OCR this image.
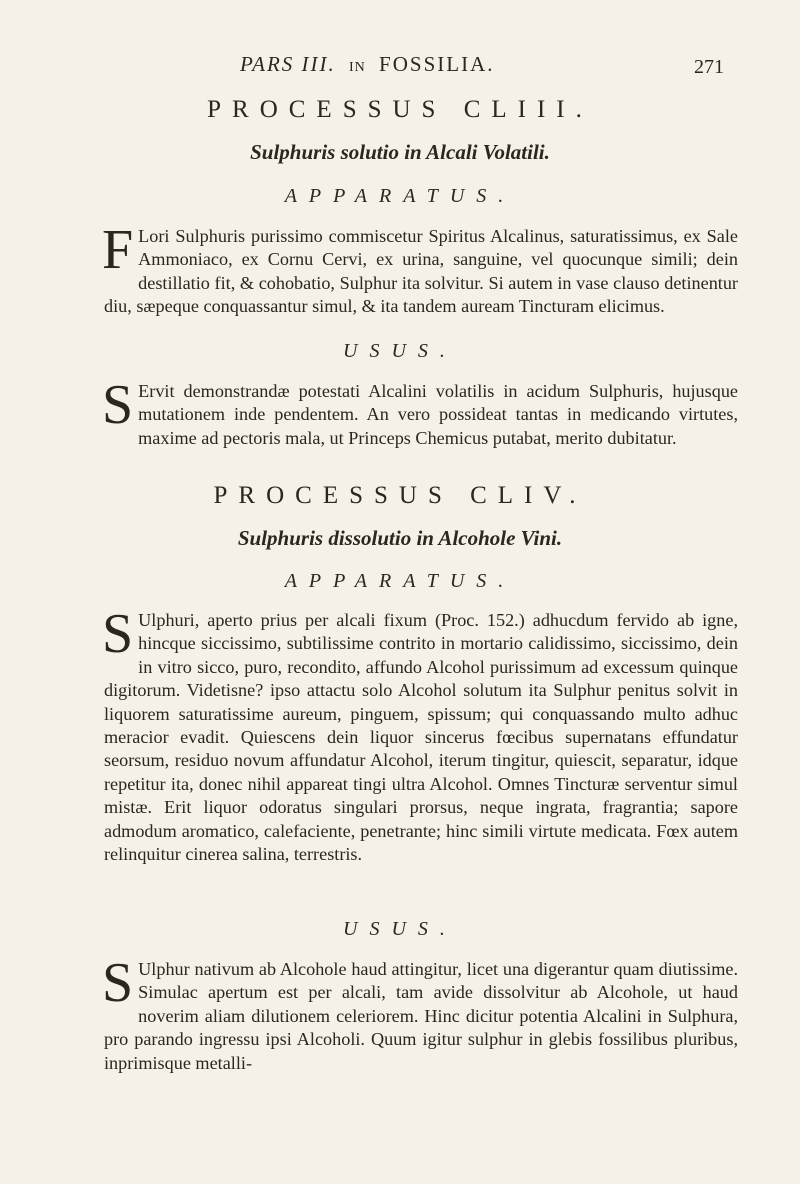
PARS III. IN FOSSILIA.	271
PROCESSUS CLIII.
Sulphuris solutio in Alcali Volatili.
APPARATUS.
F Lori Sulphuris purissimo commiscetur Spiritus Alcalinus, saturatissimus, ex Sale Ammoniaco, ex Cornu Cervi, ex urina, sanguine, vel quocunque simili; dein destillatio fit, & cohobatio, Sulphur ita solvitur. Si autem in vase clauso detinentur diu, sæpeque conquassantur simul, & ita tandem auream Tincturam elicimus.
USUS.
S Ervit demonstrandæ potestati Alcalini volatilis in acidum Sulphuris, hujusque mutationem inde pendentem. An vero possideat tantas in medicando virtutes, maxime ad pectoris mala, ut Princeps Chemicus putabat, merito dubitatur.
PROCESSUS CLIV.
Sulphuris dissolutio in Alcohole Vini.
APPARATUS.
S Ulphuri, aperto prius per alcali fixum (Proc. 152.) adhucdum fervido ab igne, hincque siccissimo, subtilissime contrito in mortario calidissimo, siccissimo, dein in vitro sicco, puro, recondito, affundo Alcohol purissimum ad excessum quinque digitorum. Videtisne? ipso attactu solo Alcohol solutum ita Sulphur penitus solvit in liquorem saturatissime aureum, pinguem, spissum; qui conquassando multo adhuc meracior evadit. Quiescens dein liquor sincerus fœcibus supernatans effundatur seorsum, residuo novum affundatur Alcohol, iterum tingitur, quiescit, separatur, idque repetitur ita, donec nihil appareat tingi ultra Alcohol. Omnes Tincturæ serventur simul mistæ. Erit liquor odoratus singulari prorsus, neque ingrata, fragrantia; sapore admodum aromatico, calefaciente, penetrante; hinc simili virtute medicata. Fœx autem relinquitur cinerea salina, terrestris.
USUS.
S Ulphur nativum ab Alcohole haud attingitur, licet una digerantur quam diutissime. Simulac apertum est per alcali, tam avide dissolvitur ab Alcohole, ut haud noverim aliam dilutionem celeriorem. Hinc dicitur potentia Alcalini in Sulphura, pro parando ingressu ipsi Alcoholi. Quum igitur sulphur in glebis fossilibus pluribus, inprimisque metalli-
